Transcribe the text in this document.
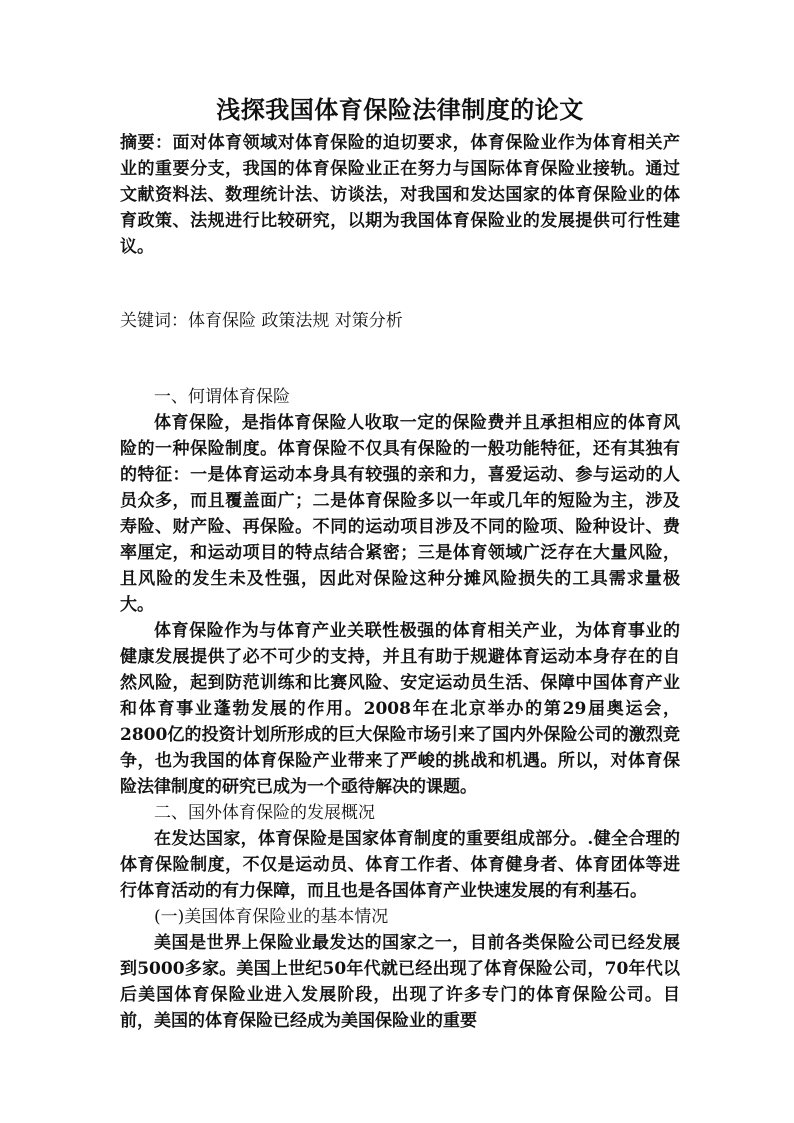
浅探我国体育保险法律制度的论文

摘要：面对体育领域对体育保险的迫切要求，体育保险业作为体育相关产业的重要分支，我国的体育保险业正在努力与国际体育保险业接轨。通过文献资料法、数理统计法、访谈法，对我国和发达国家的体育保险业的体育政策、法规进行比较研究，以期为我国体育保险业的发展提供可行性建议。

关键词：体育保险 政策法规 对策分析

一、何谓体育保险

体育保险，是指体育保险人收取一定的保险费并且承担相应的体育风险的一种保险制度。体育保险不仅具有保险的一般功能特征，还有其独有的特征：一是体育运动本身具有较强的亲和力，喜爱运动、参与运动的人员众多，而且覆盖面广；二是体育保险多以一年或几年的短险为主，涉及寿险、财产险、再保险。不同的运动项目涉及不同的险项、险种设计、费率厘定，和运动项目的特点结合紧密；三是体育领域广泛存在大量风险，且风险的发生未及性强，因此对保险这种分摊风险损失的工具需求量极大。

体育保险作为与体育产业关联性极强的体育相关产业，为体育事业的健康发展提供了必不可少的支持，并且有助于规避体育运动本身存在的自然风险，起到防范训练和比赛风险、安定运动员生活、保障中国体育产业和体育事业蓬勃发展的作用。2008年在北京举办的第29届奥运会，2800亿的投资计划所形成的巨大保险市场引来了国内外保险公司的激烈竞争，也为我国的体育保险产业带来了严峻的挑战和机遇。所以，对体育保险法律制度的研究已成为一个亟待解决的课题。

二、国外体育保险的发展概况

在发达国家，体育保险是国家体育制度的重要组成部分。.健全合理的体育保险制度，不仅是运动员、体育工作者、体育健身者、体育团体等进行体育活动的有力保障，而且也是各国体育产业快速发展的有利基石。

(一)美国体育保险业的基本情况

美国是世界上保险业最发达的国家之一，目前各类保险公司已经发展到5000多家。美国上世纪50年代就已经出现了体育保险公司，70年代以后美国体育保险业进入发展阶段，出现了许多专门的体育保险公司。目前，美国的体育保险已经成为美国保险业的重要
